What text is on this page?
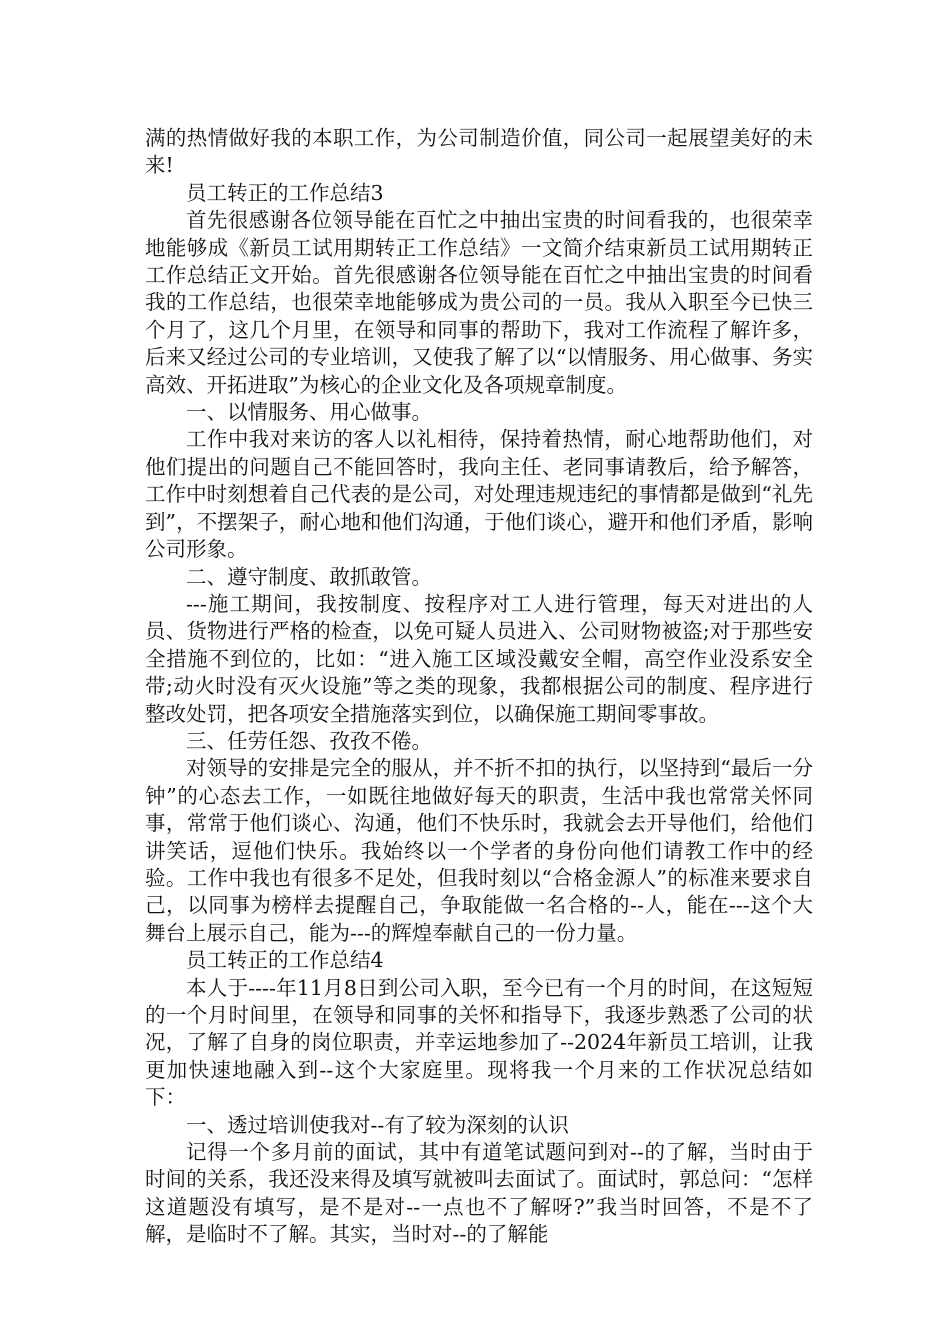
满的热情做好我的本职工作，为公司制造价值，同公司一起展望美好的未来!

员工转正的工作总结3

首先很感谢各位领导能在百忙之中抽出宝贵的时间看我的，也很荣幸地能够成《新员工试用期转正工作总结》一文简介结束新员工试用期转正工作总结正文开始。首先很感谢各位领导能在百忙之中抽出宝贵的时间看我的工作总结，也很荣幸地能够成为贵公司的一员。我从入职至今已快三个月了，这几个月里，在领导和同事的帮助下，我对工作流程了解许多，后来又经过公司的专业培训，又使我了解了以“以情服务、用心做事、务实高效、开拓进取”为核心的企业文化及各项规章制度。

一、以情服务、用心做事。

工作中我对来访的客人以礼相待，保持着热情，耐心地帮助他们，对他们提出的问题自己不能回答时，我向主任、老同事请教后，给予解答，工作中时刻想着自己代表的是公司，对处理违规违纪的事情都是做到“礼先到”，不摆架子，耐心地和他们沟通，于他们谈心，避开和他们矛盾，影响公司形象。

二、遵守制度、敢抓敢管。

---施工期间，我按制度、按程序对工人进行管理，每天对进出的人员、货物进行严格的检查，以免可疑人员进入、公司财物被盗;对于那些安全措施不到位的，比如：“进入施工区域没戴安全帽，高空作业没系安全带;动火时没有灭火设施”等之类的现象，我都根据公司的制度、程序进行整改处罚，把各项安全措施落实到位，以确保施工期间零事故。

三、任劳任怨、孜孜不倦。

对领导的安排是完全的服从，并不折不扣的执行，以坚持到“最后一分钟”的心态去工作，一如既往地做好每天的职责，生活中我也常常关怀同事，常常于他们谈心、沟通，他们不快乐时，我就会去开导他们，给他们讲笑话，逗他们快乐。我始终以一个学者的身份向他们请教工作中的经验。工作中我也有很多不足处，但我时刻以“合格金源人”的标准来要求自己，以同事为榜样去提醒自己，争取能做一名合格的--人，能在---这个大舞台上展示自己，能为---的辉煌奉献自己的一份力量。

员工转正的工作总结4

本人于----年11月8日到公司入职，至今已有一个月的时间，在这短短的一个月时间里，在领导和同事的关怀和指导下，我逐步熟悉了公司的状况，了解了自身的岗位职责，并幸运地参加了--2024年新员工培训，让我更加快速地融入到--这个大家庭里。现将我一个月来的工作状况总结如下：

一、透过培训使我对--有了较为深刻的认识

记得一个多月前的面试，其中有道笔试题问到对--的了解，当时由于时间的关系，我还没来得及填写就被叫去面试了。面试时，郭总问：“怎样这道题没有填写，是不是对--一点也不了解呀?”我当时回答，不是不了解，是临时不了解。其实，当时对--的了解能
